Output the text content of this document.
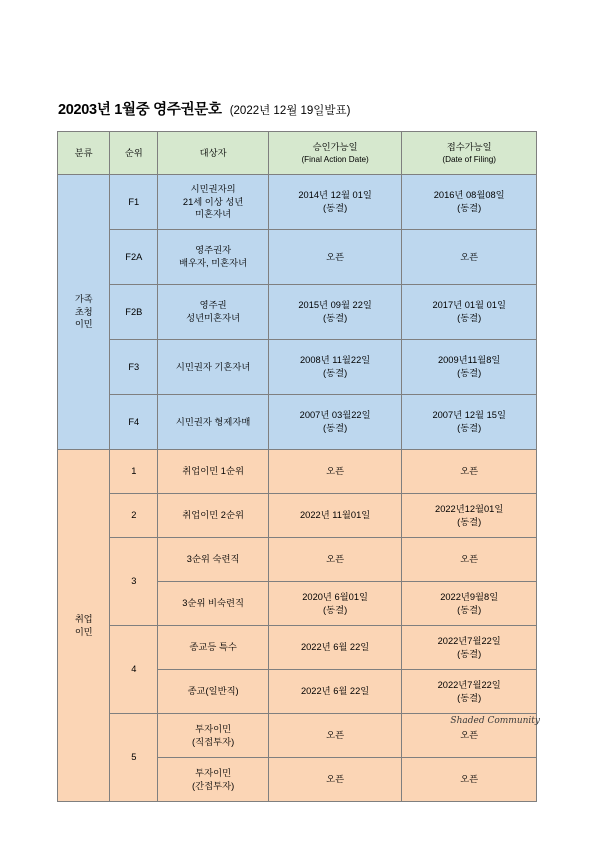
20203년 1월중 영주권문호 (2022년 12월 19일발표)
분류	순위	대상자	승인가능일
(Final Action Date)	접수가능일
(Date of Filing)

가족
초청
이민	F1	시민권자의
21세 이상 성년
미혼자녀	2014년 12월 01일
(동결)	2016년 08월08일
(동결)

	F2A	영주권자
배우자, 미혼자녀	오픈	오픈

	F2B	영주권
성년미혼자녀	2015년 09월 22일
(동결)	2017년 01월 01일
(동결)

	F3	시민권자 기혼자녀	2008년 11월22일
(동결)	2009년11월8일
(동결)

	F4	시민권자 형제자매	2007년 03월22일
(동결)	2007년 12월 15일
(동결)

취업
이민	1	취업이민 1순위	오픈	오픈

	2	취업이민 2순위	2022년 11월01일	2022년12월01일
(동결)

	3	3순위 숙련직	오픈	오픈

		3순위 비숙련직	2020년 6월01일
(동결)	2022년9월8일
(동결)

	4	종교등 특수	2022년 6월 22일	2022년7월22일
(동결)

		종교(일반직)	2022년 6월 22일	2022년7월22일
(동결)

	5	투자이민
(직접투자)	오픈	오픈

		투자이민
(간접투자)	오픈	오픈
Shaded Community
